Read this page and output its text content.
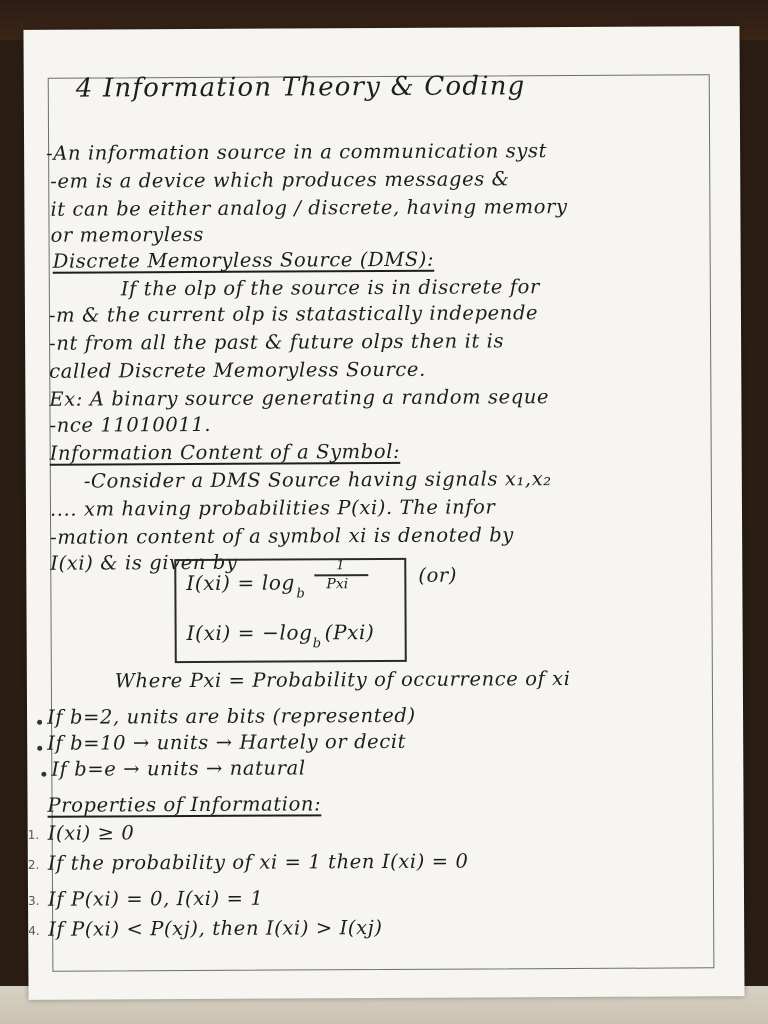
4 Information Theory & Coding
-An information source in a communication syst
-em is a device which produces messages &
it can be either analog / discrete, having memory
or memoryless
Discrete Memoryless Source (DMS):
If the olp of the source is in discrete for
-m & the current olp is statastically independe
-nt from all the past & future olps then it is
called Discrete Memoryless Source.
Ex: A binary source generating a random seque
-nce 11010011.
Information Content of a Symbol:
-Consider a DMS Source having signals x₁,x₂
.... xm having probabilities P(xi). The infor
-mation content of a symbol xi is denoted by
I(xi) & is given by
I(xi) = log b
1
Pxi
I(xi) = −log b (Pxi)
(or)
Where Pxi = Probability of occurrence of xi
If b=2, units are bits (represented)
If b=10 → units → Hartely or decit
If b=e → units → natural
Properties of Information:
1. I(xi) ≥ 0
2. If the probability of xi = 1 then I(xi) = 0
3. If P(xi) = 0, I(xi) = 1
4. If P(xi) < P(xj), then I(xi) > I(xj)
